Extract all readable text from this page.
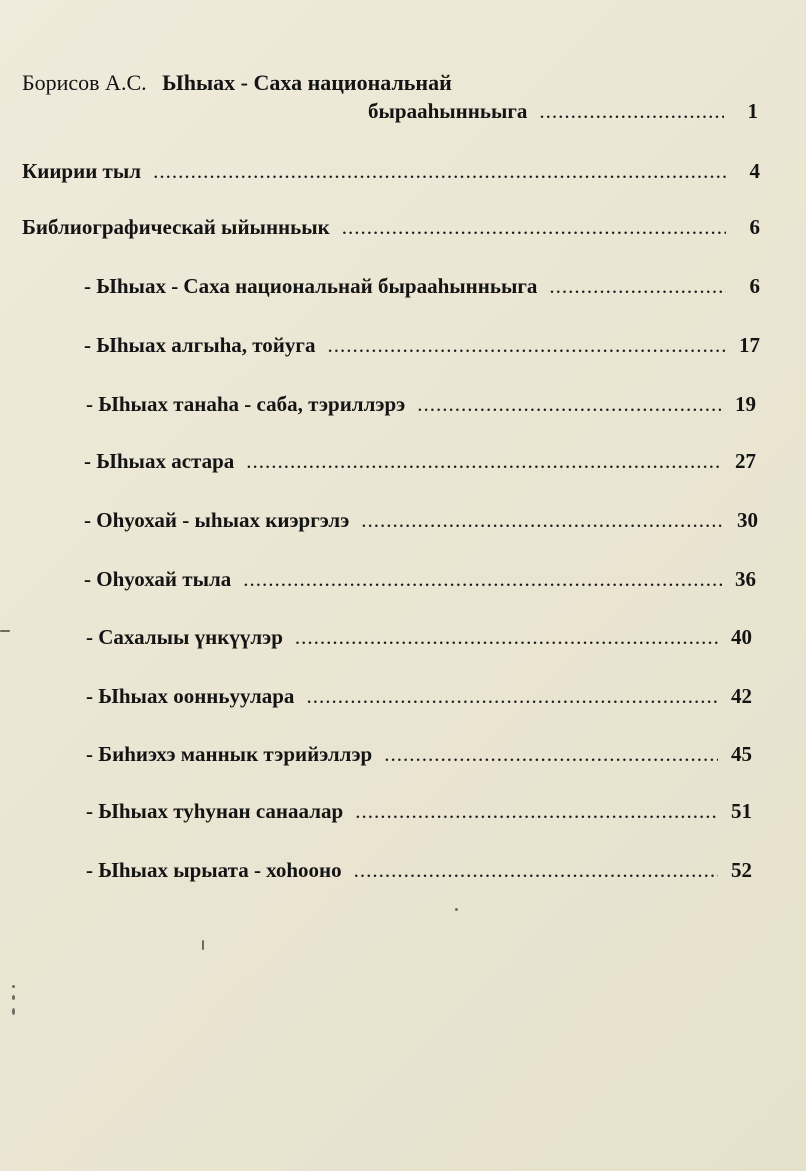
Борисов А.С. Ыhыах - Саха национальнай
бырааһынньыга .....	1
Киирии тыл .....	4
Библиографическай ыйынньык .....	6
- Ыhыах - Саха национальнай бырааһынньыга .....	6
- Ыhыах алгыhа, тойуга .....	17
- Ыhыах танаhа - саба, тэриллэрэ .....	19
- Ыhыах астара .....	27
- Оhуохай - ыhыах киэргэлэ .....	30
- Оhуохай тыла .....	36
- Сахалыы үнкүүлэр .....	40
- Ыhыах оонньуулара .....	42
- Биhиэхэ маннык тэрийэллэр .....	45
- Ыhыах туhунан санаалар .....	51
- Ыhыах ырыата - хоhооно .....	52
